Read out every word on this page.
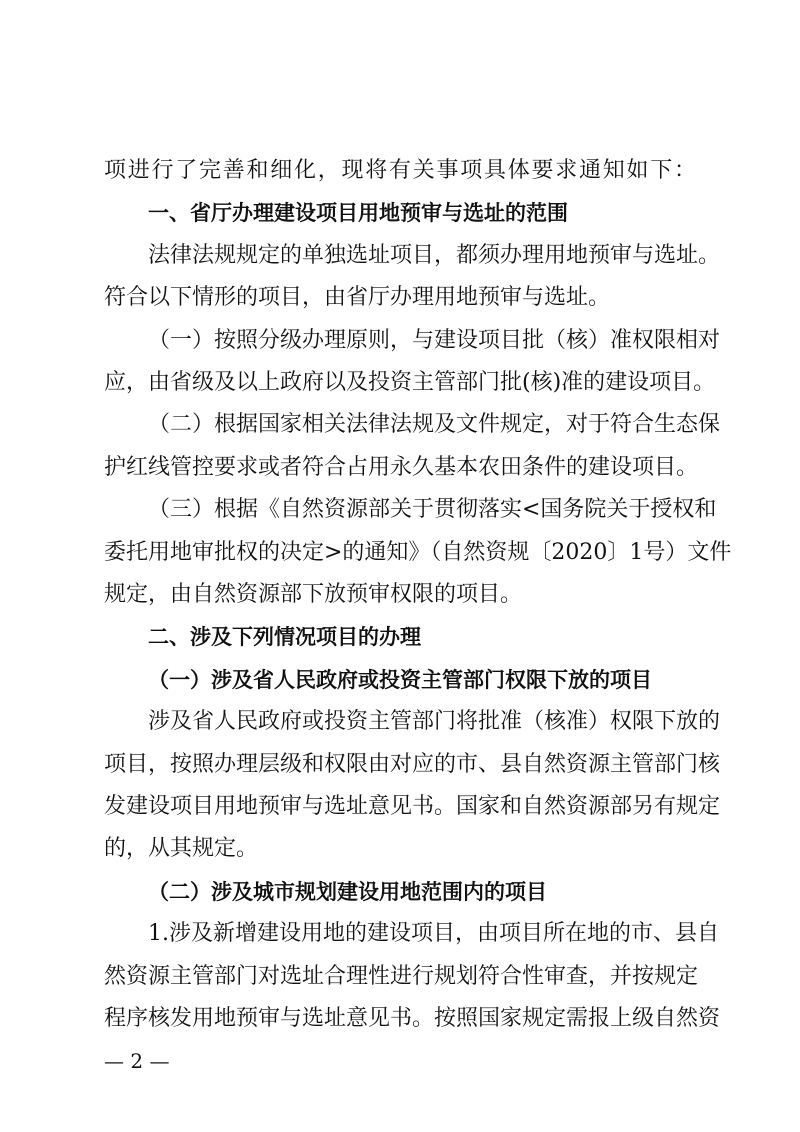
项进行了完善和细化，现将有关事项具体要求通知如下：
一、省厅办理建设项目用地预审与选址的范围
法律法规规定的单独选址项目，都须办理用地预审与选址。
符合以下情形的项目，由省厅办理用地预审与选址。
（一）按照分级办理原则，与建设项目批（核）准权限相对
应，由省级及以上政府以及投资主管部门批(核)准的建设项目。
（二）根据国家相关法律法规及文件规定，对于符合生态保
护红线管控要求或者符合占用永久基本农田条件的建设项目。
（三）根据《自然资源部关于贯彻落实<国务院关于授权和
委托用地审批权的决定>的通知》（自然资规〔2020〕1号）文件
规定，由自然资源部下放预审权限的项目。
二、涉及下列情况项目的办理
（一）涉及省人民政府或投资主管部门权限下放的项目
涉及省人民政府或投资主管部门将批准（核准）权限下放的
项目，按照办理层级和权限由对应的市、县自然资源主管部门核
发建设项目用地预审与选址意见书。国家和自然资源部另有规定
的，从其规定。
（二）涉及城市规划建设用地范围内的项目
1.涉及新增建设用地的建设项目，由项目所在地的市、县自
然资源主管部门对选址合理性进行规划符合性审查，并按规定
程序核发用地预审与选址意见书。按照国家规定需报上级自然资
— 2 —
